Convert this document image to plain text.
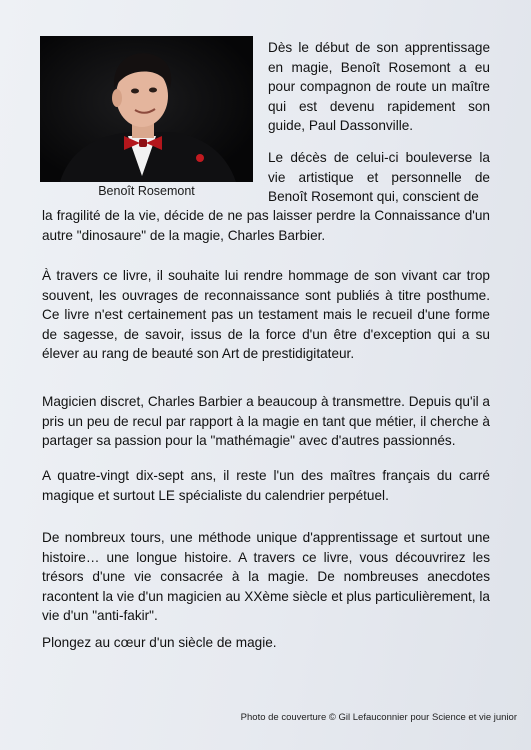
Benoît Rosemont

Dès le début de son apprentissage en magie, Benoît Rosemont a eu pour compagnon de route un maître qui est devenu rapidement son guide, Paul Dassonville.

Le décès de celui-ci bouleverse la vie artistique et personnelle de Benoît Rosemont qui, conscient de

la fragilité de la vie, décide de ne pas laisser perdre la Connaissance d'un autre "dinosaure" de la magie, Charles Barbier.

À travers ce livre, il souhaite lui rendre hommage de son vivant car trop souvent, les ouvrages de reconnaissance sont publiés à titre posthume. Ce livre n'est certainement pas un testament mais le recueil d'une forme de sagesse, de savoir, issus de la force d'un être d'exception qui a su élever au rang de beauté son Art de prestidigitateur.

Magicien discret, Charles Barbier a beaucoup à transmettre. Depuis qu'il a pris un peu de recul par rapport à la magie en tant que métier, il cherche à partager sa passion pour la "mathémagie" avec d'autres passionnés.

A quatre-vingt dix-sept ans, il reste l'un des maîtres français du carré magique et surtout LE spécialiste du calendrier perpétuel.

De nombreux tours, une méthode unique d'apprentissage et surtout une histoire… une longue histoire. A travers ce livre, vous découvrirez les trésors d'une vie consacrée à la magie. De nombreuses anecdotes racontent la vie d'un magicien au XXème siècle et plus particulièrement, la vie d'un "anti-fakir".

Plongez au cœur d'un siècle de magie.

Photo de couverture © Gil Lefauconnier pour Science et vie junior
